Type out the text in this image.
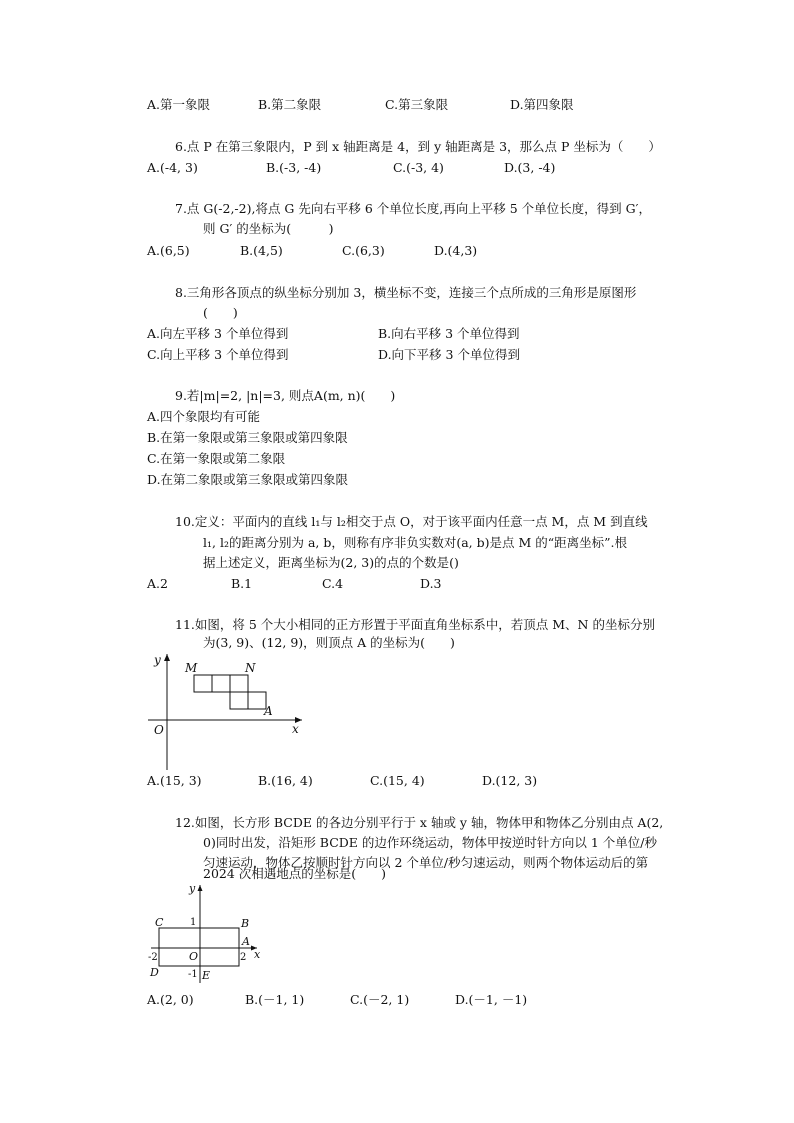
A.第一象限	B.第二象限	C.第三象限	D.第四象限
6.点 P 在第三象限内，P 到 x 轴距离是 4，到 y 轴距离是 3，那么点 P 坐标为（　　）
A.(-4, 3)	B.(-3, -4)	C.(-3, 4)	D.(3, -4)
7.点 G(-2,-2),将点 G 先向右平移 6 个单位长度,再向上平移 5 个单位长度，得到 G′，
则 G′ 的坐标为(　　　)
A.(6,5)	B.(4,5)	C.(6,3)	D.(4,3)
8.三角形各顶点的纵坐标分别加 3，横坐标不变，连接三个点所成的三角形是原图形
(　　)
A.向左平移 3 个单位得到	B.向右平移 3 个单位得到
C.向上平移 3 个单位得到	D.向下平移 3 个单位得到
9.若|m|=2, |n|=3, 则点A(m, n)(　　)
A.四个象限均有可能
B.在第一象限或第三象限或第四象限
C.在第一象限或第二象限
D.在第二象限或第三象限或第四象限
10.定义：平面内的直线 l₁与 l₂相交于点 O，对于该平面内任意一点 M，点 M 到直线
l₁, l₂的距离分别为 a, b，则称有序非负实数对(a, b)是点 M 的“距离坐标”.根
据上述定义，距离坐标为(2, 3)的点的个数是()
A.2	B.1	C.4	D.3
11.如图，将 5 个大小相同的正方形置于平面直角坐标系中，若顶点 M、N 的坐标分别
为(3, 9)、(12, 9)，则顶点 A 的坐标为(　　)
y
M	N
A
O	x
A.(15, 3)	B.(16, 4)	C.(15, 4)	D.(12, 3)
12.如图，长方形 BCDE 的各边分别平行于 x 轴或 y 轴，物体甲和物体乙分别由点 A(2,
0)同时出发，沿矩形 BCDE 的边作环绕运动，物体甲按逆时针方向以 1 个单位/秒
匀速运动，物体乙按顺时针方向以 2 个单位/秒匀速运动，则两个物体运动后的第
2024 次相遇地点的坐标是(　　)
y
C	1	B
A
-2	O	2 x
D	-1 E
A.(2, 0)	B.(－1, 1)	C.(－2, 1)	D.(－1, －1)
